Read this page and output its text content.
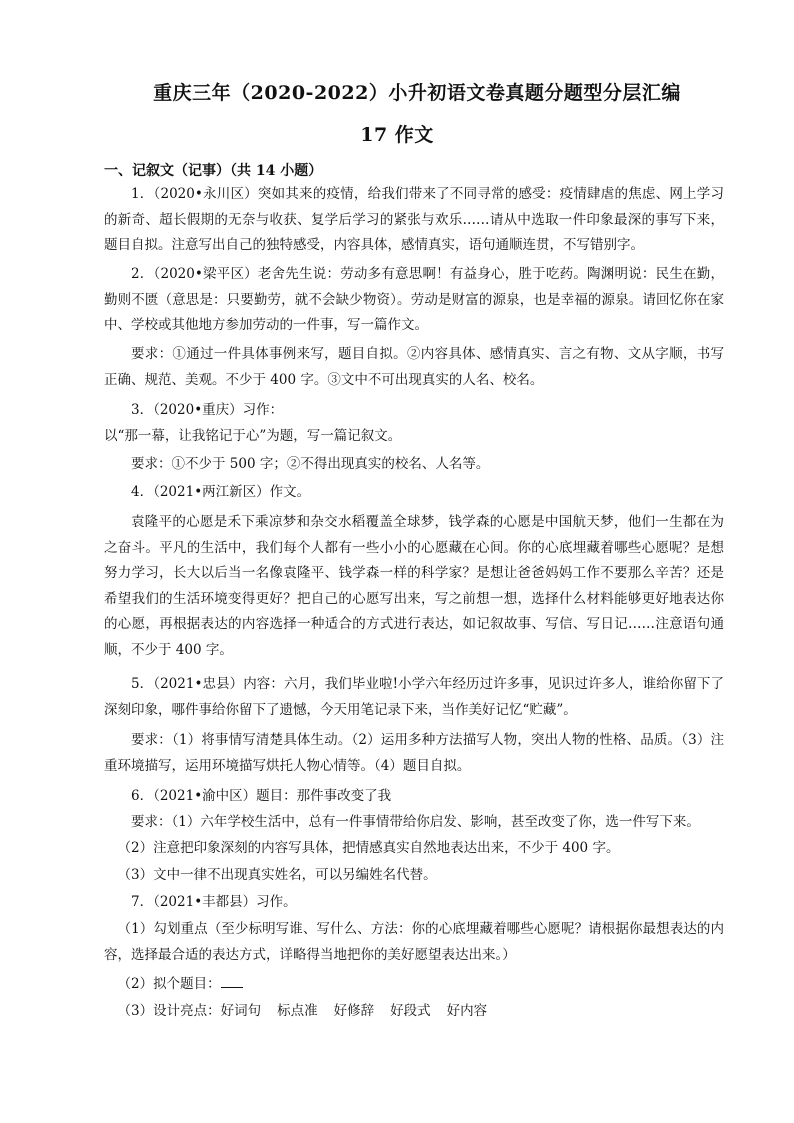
重庆三年（2020-2022）小升初语文卷真题分题型分层汇编
17 作文
一、记叙文（记事）（共 14 小题）

1．（2020•永川区）突如其来的疫情，给我们带来了不同寻常的感受：疫情肆虐的焦虑、网上学习的新奇、超长假期的无奈与收获、复学后学习的紧张与欢乐……请从中选取一件印象最深的事写下来，题目自拟。注意写出自己的独特感受，内容具体，感情真实，语句通顺连贯，不写错别字。

2．（2020•梁平区）老舍先生说：劳动多有意思啊！有益身心，胜于吃药。陶渊明说：民生在勤，勤则不匮（意思是：只要勤劳，就不会缺少物资）。劳动是财富的源泉，也是幸福的源泉。请回忆你在家中、学校或其他地方参加劳动的一件事，写一篇作文。

要求：①通过一件具体事例来写，题目自拟。②内容具体、感情真实、言之有物、文从字顺，书写正确、规范、美观。不少于 400 字。③文中不可出现真实的人名、校名。

3．（2020•重庆）习作：

以“那一幕，让我铭记于心”为题，写一篇记叙文。

要求：①不少于 500 字；②不得出现真实的校名、人名等。

4．（2021•两江新区）作文。

袁隆平的心愿是禾下乘凉梦和杂交水稻覆盖全球梦，钱学森的心愿是中国航天梦，他们一生都在为之奋斗。平凡的生活中，我们每个人都有一些小小的心愿藏在心间。你的心底埋藏着哪些心愿呢？是想努力学习，长大以后当一名像袁隆平、钱学森一样的科学家？是想让爸爸妈妈工作不要那么辛苦？还是希望我们的生活环境变得更好？把自己的心愿写出来，写之前想一想，选择什么材料能够更好地表达你的心愿，再根据表达的内容选择一种适合的方式进行表达，如记叙故事、写信、写日记……注意语句通顺，不少于 400 字。

5．（2021•忠县）内容：六月，我们毕业啦!小学六年经历过许多事，见识过许多人，谁给你留下了深刻印象，哪件事给你留下了遗憾，今天用笔记录下来，当作美好记忆“贮藏”。

要求：（1）将事情写清楚具体生动。（2）运用多种方法描写人物，突出人物的性格、品质。（3）注重环境描写，运用环境描写烘托人物心情等。（4）题目自拟。

6．（2021•渝中区）题目：那件事改变了我

要求：（1）六年学校生活中，总有一件事情带给你启发、影响，甚至改变了你，选一件写下来。

（2）注意把印象深刻的内容写具体，把情感真实自然地表达出来，不少于 400 字。

（3）文中一律不出现真实姓名，可以另编姓名代替。

7．（2021•丰都县）习作。

（1）勾划重点（至少标明写谁、写什么、方法：你的心底埋藏着哪些心愿呢？请根据你最想表达的内容，选择最合适的表达方式，详略得当地把你的美好愿望表达出来。）

（2）拟个题目：

（3）设计亮点：好词句 标点准 好修辞 好段式 好内容
